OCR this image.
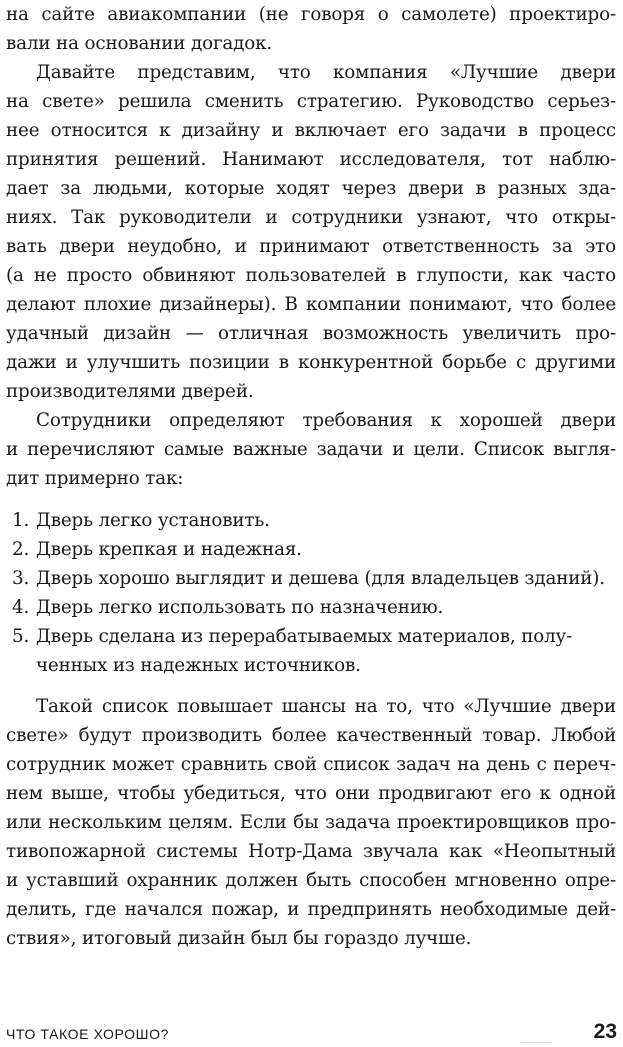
на сайте авиакомпании (не говоря о самолете) проектиро-
вали на основании догадок.

Давайте представим, что компания «Лучшие двери
на свете» решила сменить стратегию. Руководство серьез-
нее относится к дизайну и включает его задачи в процесс
принятия решений. Нанимают исследователя, тот наблю-
дает за людьми, которые ходят через двери в разных зда-
ниях. Так руководители и сотрудники узнают, что откры-
вать двери неудобно, и принимают ответственность за это
(а не просто обвиняют пользователей в глупости, как часто
делают плохие дизайнеры). В компании понимают, что более
удачный дизайн — отличная возможность увеличить про-
дажи и улучшить позиции в конкурентной борьбе с другими
производителями дверей.

Сотрудники определяют требования к хорошей двери
и перечисляют самые важные задачи и цели. Список выгля-
дит примерно так:

1. Дверь легко установить.
2. Дверь крепкая и надежная.
3. Дверь хорошо выглядит и дешева (для владельцев зданий).
4. Дверь легко использовать по назначению.
5. Дверь сделана из перерабатываемых материалов, полу-
ченных из надежных источников.

Такой список повышает шансы на то, что «Лучшие двери
свете» будут производить более качественный товар. Любой
сотрудник может сравнить свой список задач на день с переч-
нем выше, чтобы убедиться, что они продвигают его к одной
или нескольким целям. Если бы задача проектировщиков про-
тивопожарной системы Нотр-Дама звучала как «Неопытный
и уставший охранник должен быть способен мгновенно опре-
делить, где начался пожар, и предпринять необходимые дей-
ствия», итоговый дизайн был бы гораздо лучше.

ЧТО ТАКОЕ ХОРОШО?	23
